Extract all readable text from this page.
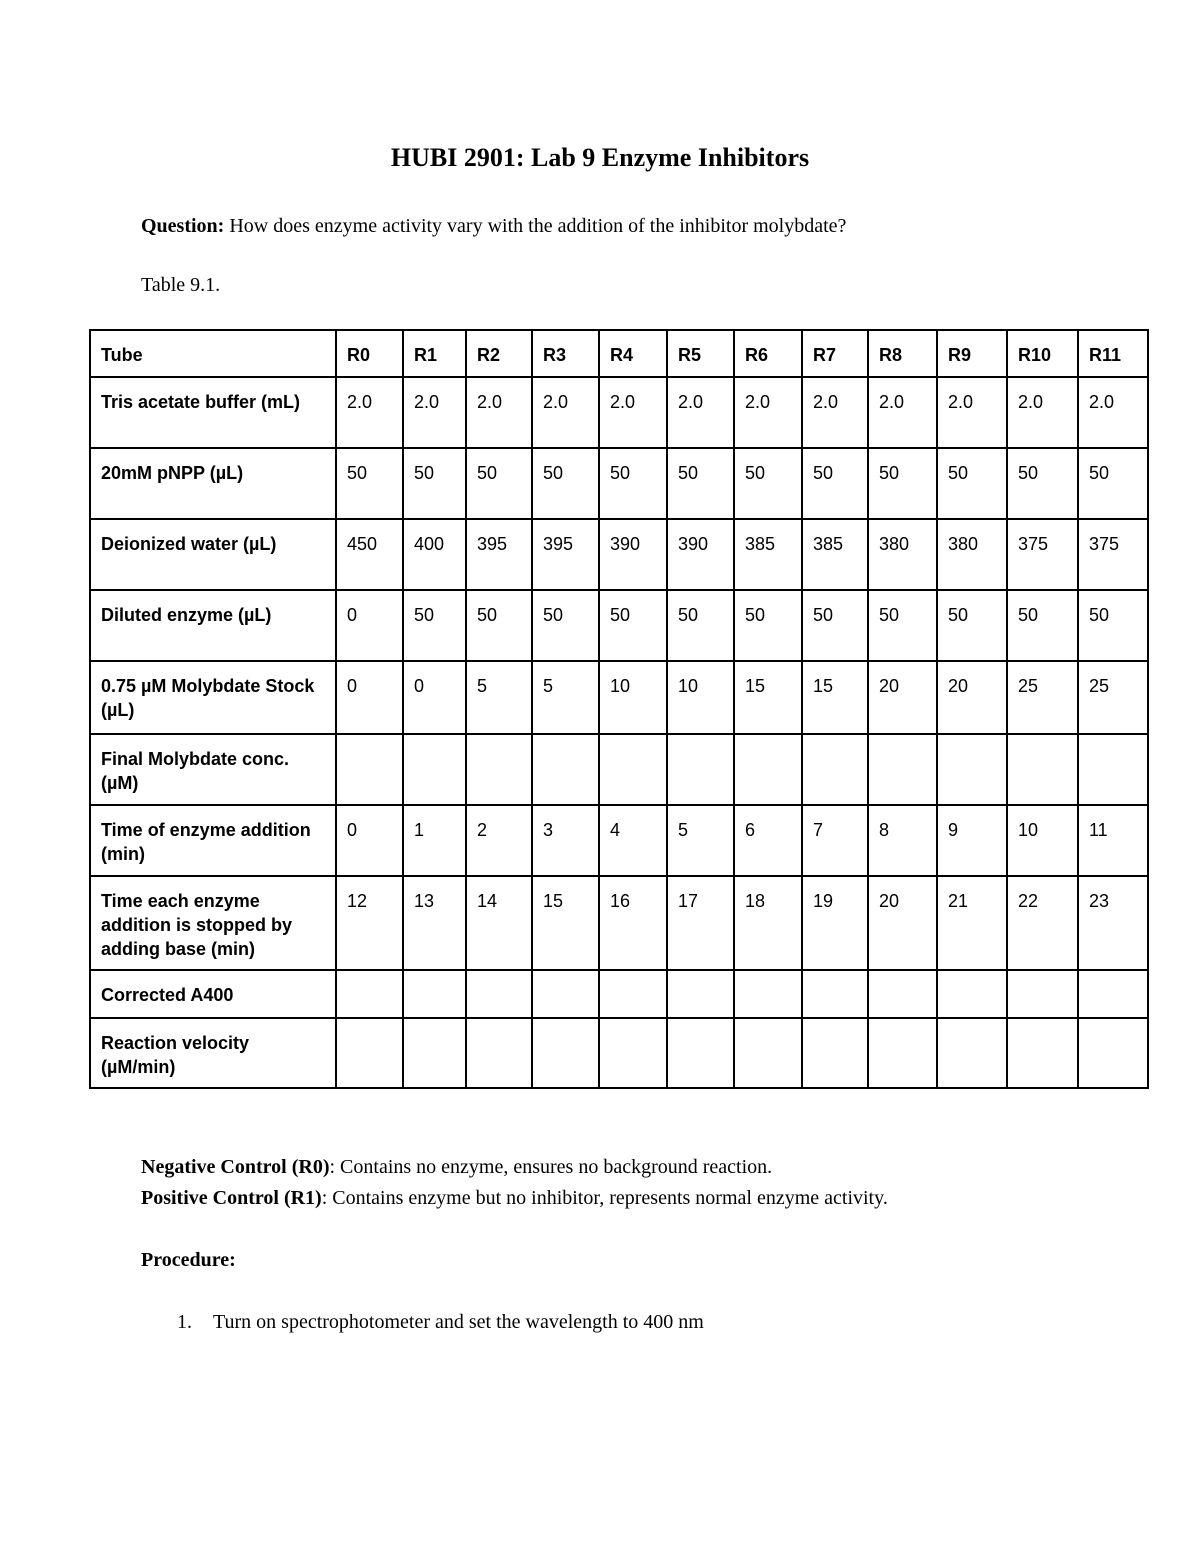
HUBI 2901: Lab 9 Enzyme Inhibitors
Question: How does enzyme activity vary with the addition of the inhibitor molybdate?
Table 9.1.
Tube	R0	R1	R2	R3	R4	R5	R6	R7	R8	R9	R10	R11
Tris acetate buffer (mL)	2.0	2.0	2.0	2.0	2.0	2.0	2.0	2.0	2.0	2.0	2.0	2.0
20mM pNPP (µL)	50	50	50	50	50	50	50	50	50	50	50	50
Deionized water (µL)	450	400	395	395	390	390	385	385	380	380	375	375
Diluted enzyme (µL)	0	50	50	50	50	50	50	50	50	50	50	50
0.75 µM Molybdate Stock (µL)	0	0	5	5	10	10	15	15	20	20	25	25
Final Molybdate conc. (µM)												
Time of enzyme addition (min)	0	1	2	3	4	5	6	7	8	9	10	11
Time each enzyme addition is stopped by adding base (min)	12	13	14	15	16	17	18	19	20	21	22	23
Corrected A400												
Reaction velocity (µM/min)												
Negative Control (R0): Contains no enzyme, ensures no background reaction.
Positive Control (R1): Contains enzyme but no inhibitor, represents normal enzyme activity.
Procedure:
1. Turn on spectrophotometer and set the wavelength to 400 nm
